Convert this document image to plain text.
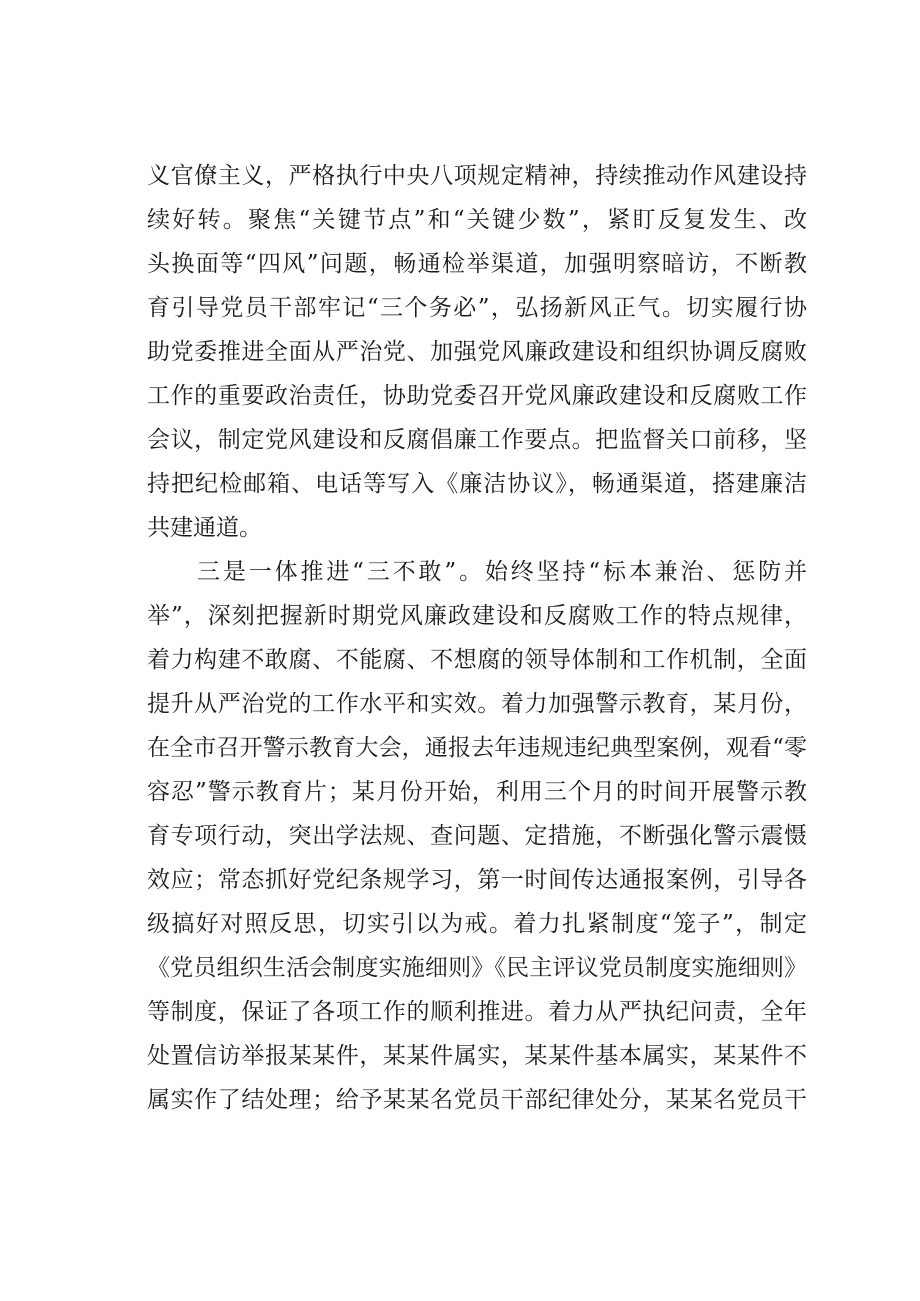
义官僚主义，严格执行中央八项规定精神，持续推动作风建设持
续好转。聚焦“关键节点”和“关键少数”，紧盯反复发生、改
头换面等“四风”问题，畅通检举渠道，加强明察暗访，不断教
育引导党员干部牢记“三个务必”，弘扬新风正气。切实履行协
助党委推进全面从严治党、加强党风廉政建设和组织协调反腐败
工作的重要政治责任，协助党委召开党风廉政建设和反腐败工作
会议，制定党风建设和反腐倡廉工作要点。把监督关口前移，坚
持把纪检邮箱、电话等写入《廉洁协议》，畅通渠道，搭建廉洁
共建通道。
三是一体推进“三不敢”。始终坚持“标本兼治、惩防并
举”，深刻把握新时期党风廉政建设和反腐败工作的特点规律，
着力构建不敢腐、不能腐、不想腐的领导体制和工作机制，全面
提升从严治党的工作水平和实效。着力加强警示教育，某月份，
在全市召开警示教育大会，通报去年违规违纪典型案例，观看“零
容忍”警示教育片；某月份开始，利用三个月的时间开展警示教
育专项行动，突出学法规、查问题、定措施，不断强化警示震慑
效应；常态抓好党纪条规学习，第一时间传达通报案例，引导各
级搞好对照反思，切实引以为戒。着力扎紧制度“笼子”，制定
《党员组织生活会制度实施细则》《民主评议党员制度实施细则》
等制度，保证了各项工作的顺利推进。着力从严执纪问责，全年
处置信访举报某某件，某某件属实，某某件基本属实，某某件不
属实作了结处理；给予某某名党员干部纪律处分，某某名党员干
